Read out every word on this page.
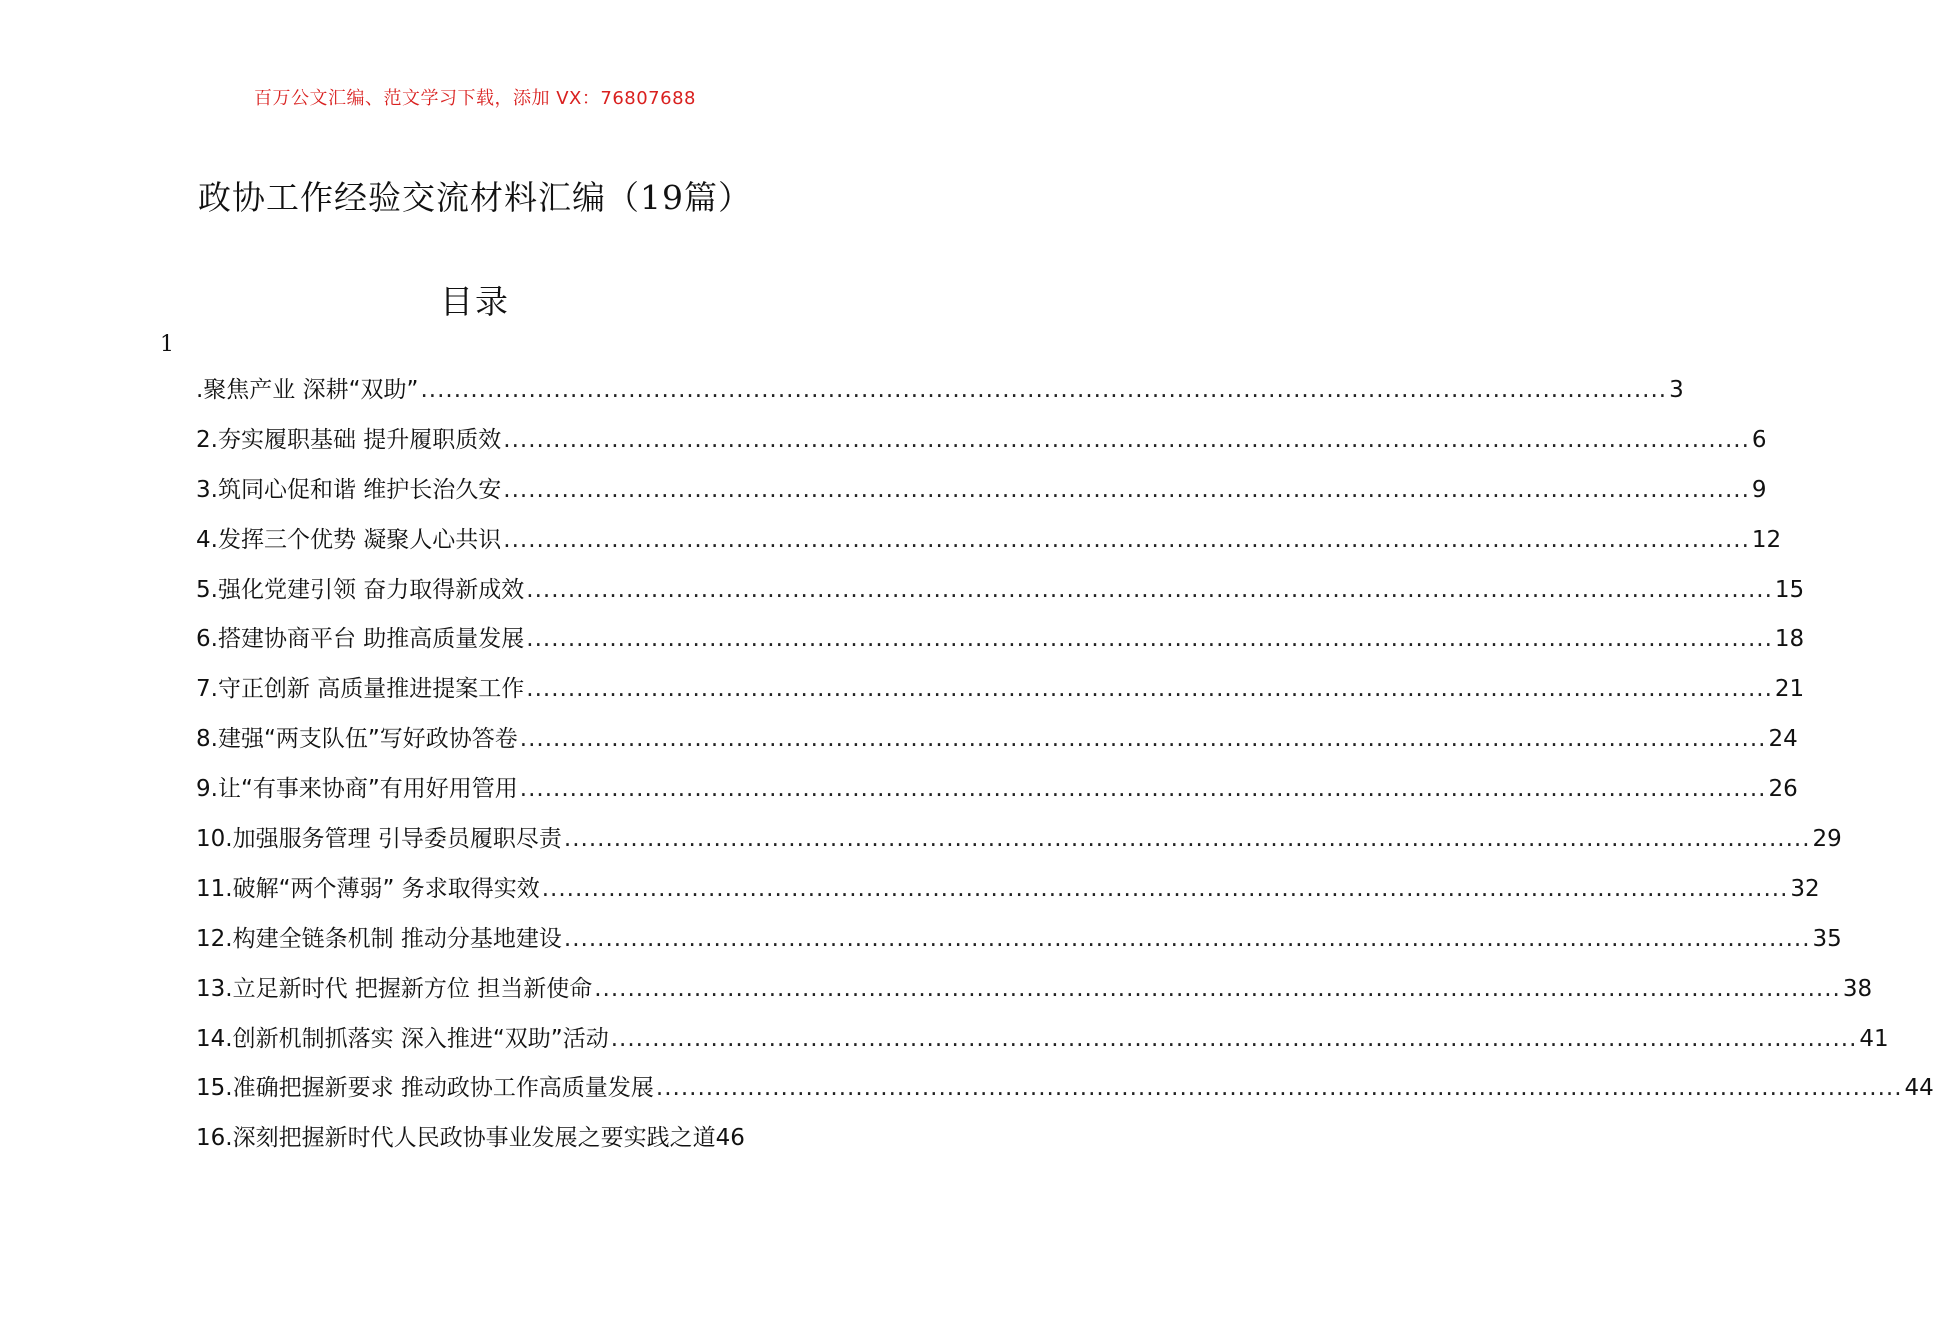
百万公文汇编、范文学习下载，添加 VX：76807688
政协工作经验交流材料汇编（19篇）
目录
1
.聚焦产业 深耕“双助” .....	3
2.夯实履职基础 提升履职质效 .....	6
3.筑同心促和谐 维护长治久安 .....	9
4.发挥三个优势 凝聚人心共识 .....	12
5.强化党建引领 奋力取得新成效 .....	15
6.搭建协商平台 助推高质量发展 .....	18
7.守正创新 高质量推进提案工作 .....	21
8.建强“两支队伍”写好政协答卷 .....	24
9.让“有事来协商”有用好用管用 .....	26
10.加强服务管理 引导委员履职尽责 .....	29
11.破解“两个薄弱” 务求取得实效 .....	32
12.构建全链条机制 推动分基地建设 .....	35
13.立足新时代 把握新方位 担当新使命 .....	38
14.创新机制抓落实 深入推进“双助”活动 .....	41
15.准确把握新要求 推动政协工作高质量发展 .....	44
16.深刻把握新时代人民政协事业发展之要实践之道 46
